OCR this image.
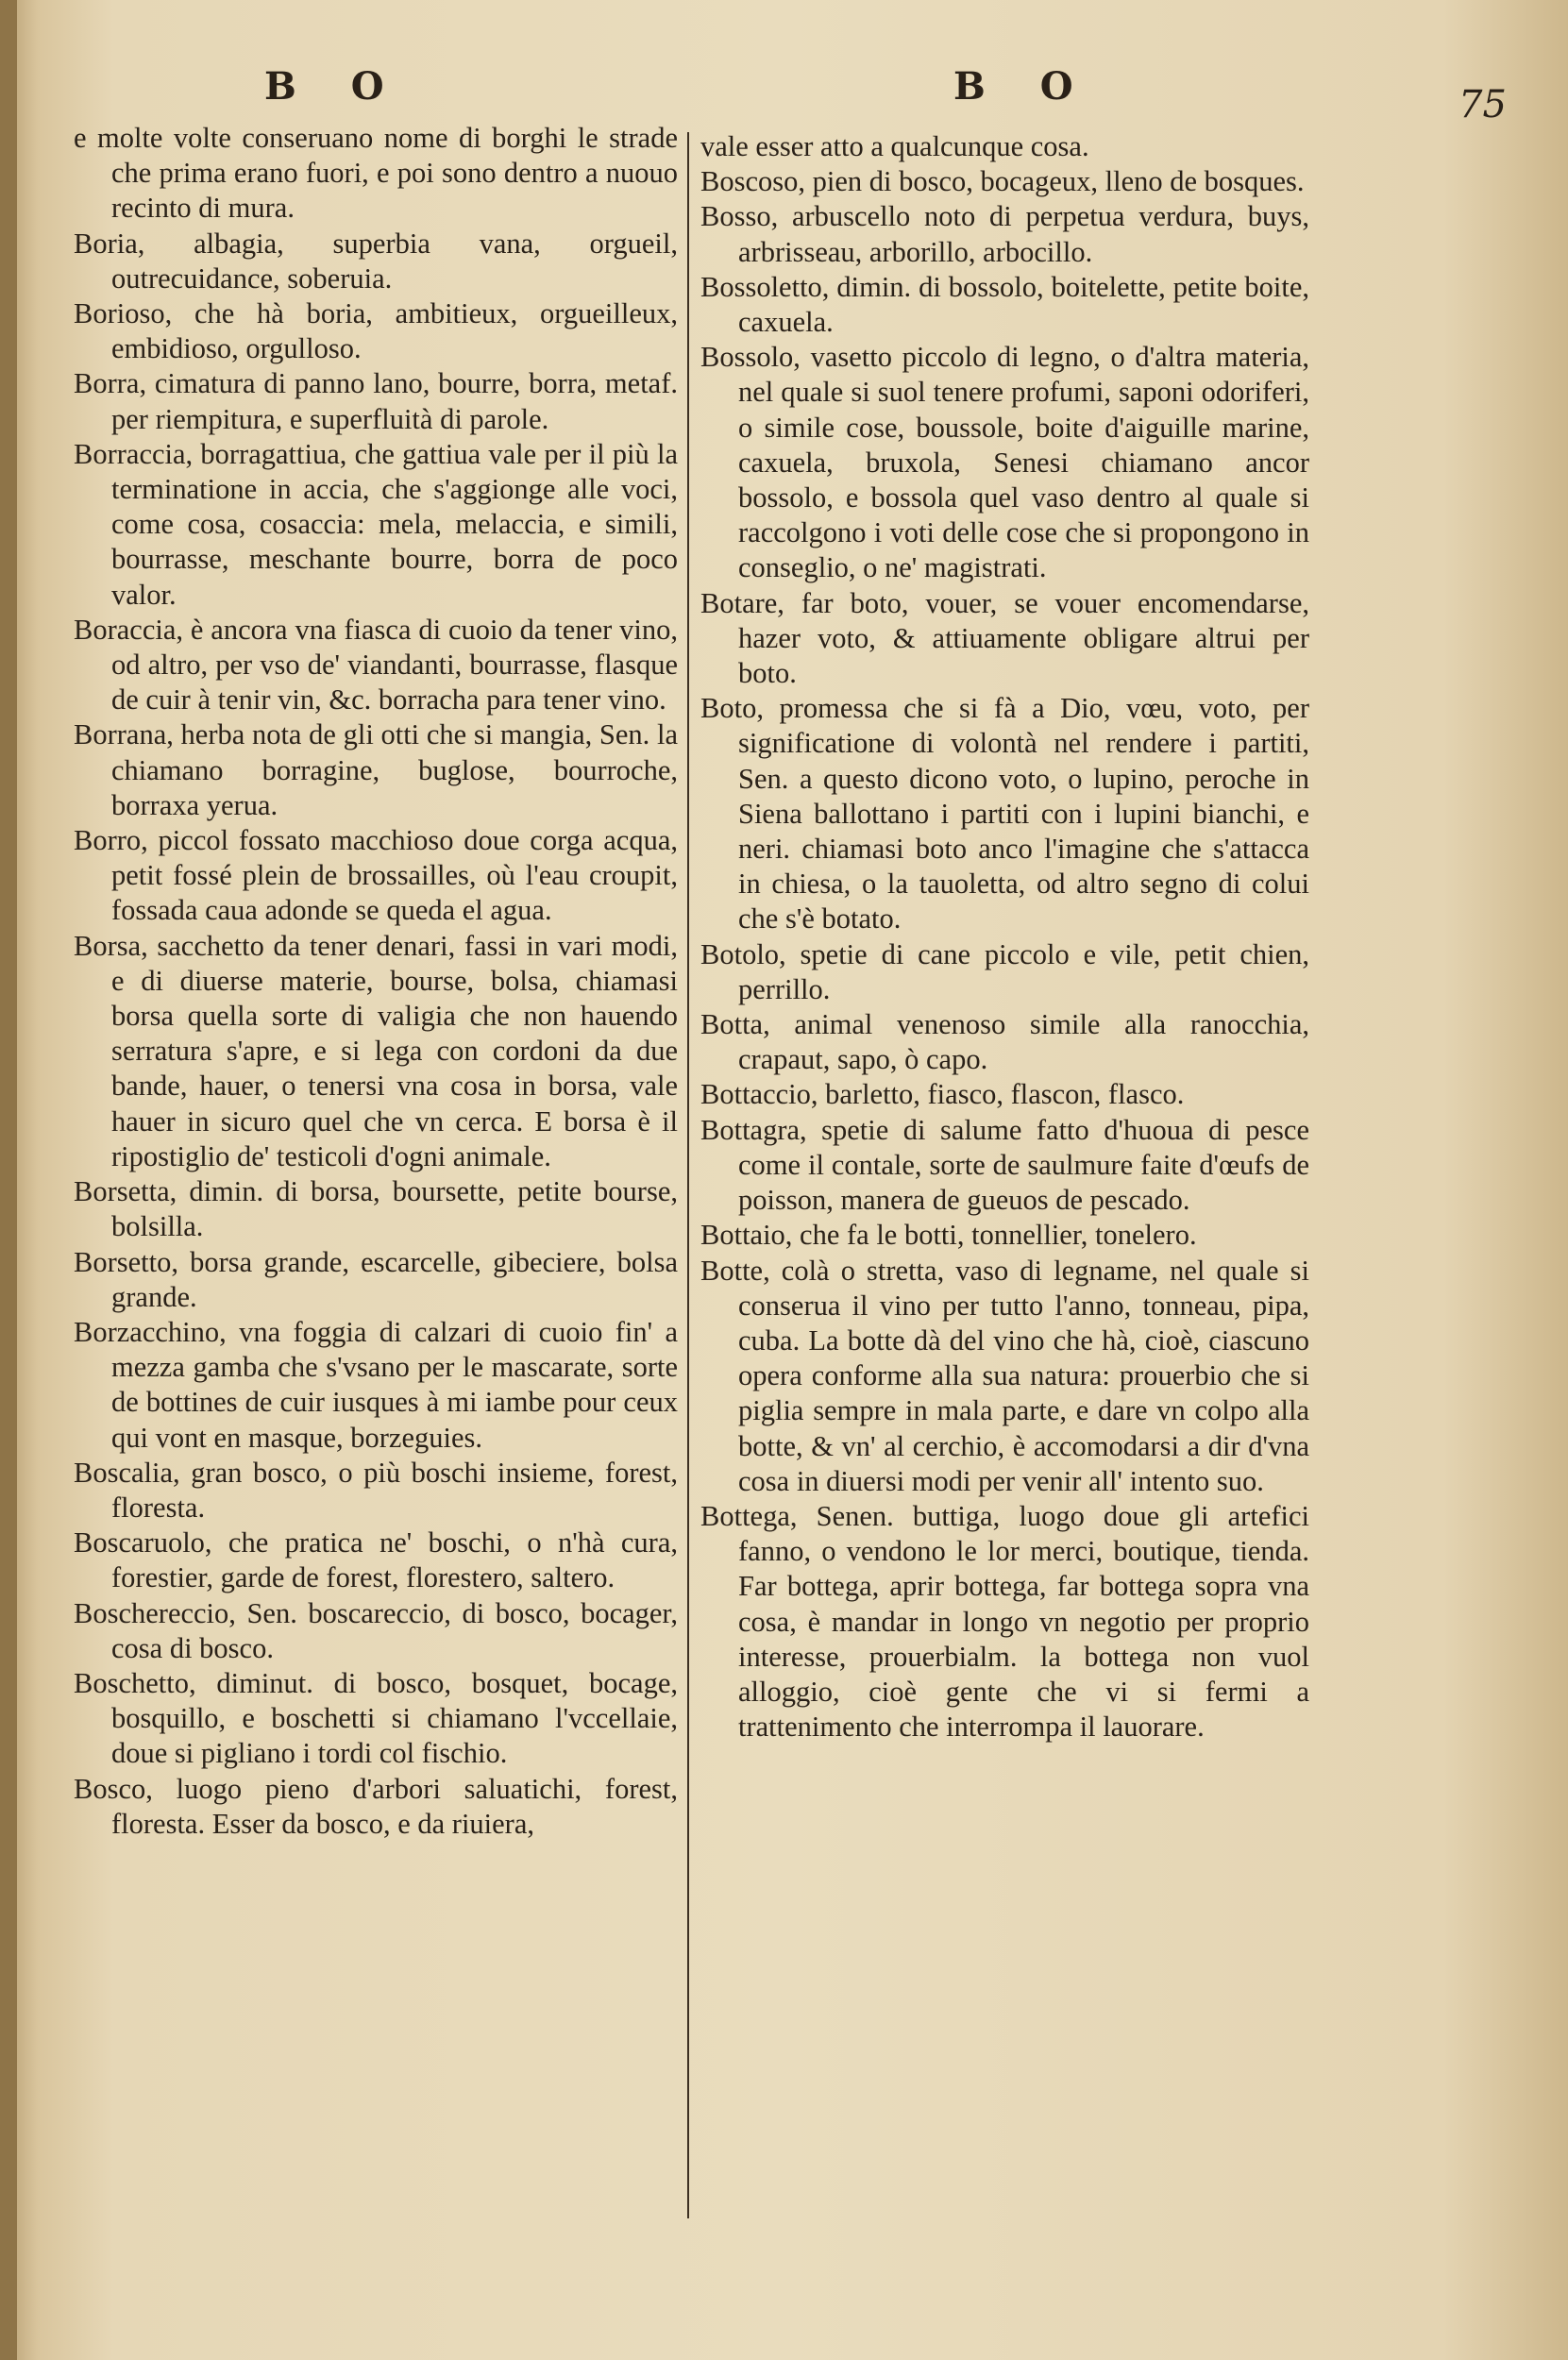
B O	B O	75

e molte volte conseruano nome di borghi le strade che prima erano fuori, e poi sono dentro a nuouo recinto di mura.

Boria, albagia, superbia vana, orgueil, outrecuidance, soberuia.

Borioso, che hà boria, ambitieux, orgueilleux, embidioso, orgulloso.

Borra, cimatura di panno lano, bourre, borra, metaf. per riempitura, e superfluità di parole.

Borraccia, borragattiua, che gattiua vale per il più la terminatione in accia, che s'aggionge alle voci, come cosa, cosaccia: mela, melaccia, e simili, bourrasse, meschante bourre, borra de poco valor.

Boraccia, è ancora vna fiasca di cuoio da tener vino, od altro, per vso de' viandanti, bourrasse, flasque de cuir à tenir vin, &c. borracha para tener vino.

Borrana, herba nota de gli otti che si mangia, Sen. la chiamano borragine, buglose, bourroche, borraxa yerua.

Borro, piccol fossato macchioso doue corga acqua, petit fossé plein de brossailles, où l'eau croupit, fossada caua adonde se queda el agua.

Borsa, sacchetto da tener denari, fassi in vari modi, e di diuerse materie, bourse, bolsa, chiamasi borsa quella sorte di valigia che non hauendo serratura s'apre, e si lega con cordoni da due bande, hauer, o tenersi vna cosa in borsa, vale hauer in sicuro quel che vn cerca. E borsa è il ripostiglio de' testicoli d'ogni animale.

Borsetta, dimin. di borsa, boursette, petite bourse, bolsilla.

Borsetto, borsa grande, escarcelle, gibeciere, bolsa grande.

Borzacchino, vna foggia di calzari di cuoio fin' a mezza gamba che s'vsano per le mascarate, sorte de bottines de cuir iusques à mi iambe pour ceux qui vont en masque, borzeguies.

Boscalia, gran bosco, o più boschi insieme, forest, floresta.

Boscaruolo, che pratica ne' boschi, o n'hà cura, forestier, garde de forest, florestero, saltero.

Boschereccio, Sen. boscareccio, di bosco, bocager, cosa di bosco.

Boschetto, diminut. di bosco, bosquet, bocage, bosquillo, e boschetti si chiamano l'vccellaie, doue si pigliano i tordi col fischio.

Bosco, luogo pieno d'arbori saluatichi, forest, floresta. Esser da bosco, e da riuiera,

vale esser atto a qualcunque cosa.

Boscoso, pien di bosco, bocageux, lleno de bosques.

Bosso, arbuscello noto di perpetua verdura, buys, arbrisseau, arborillo, arbocillo.

Bossoletto, dimin. di bossolo, boitelette, petite boite, caxuela.

Bossolo, vasetto piccolo di legno, o d'altra materia, nel quale si suol tenere profumi, saponi odoriferi, o simile cose, boussole, boite d'aiguille marine, caxuela, bruxola, Senesi chiamano ancor bossolo, e bossola quel vaso dentro al quale si raccolgono i voti delle cose che si propongono in conseglio, o ne' magistrati.

Botare, far boto, vouer, se vouer encomendarse, hazer voto, & attiuamente obligare altrui per boto.

Boto, promessa che si fà a Dio, vœu, voto, per significatione di volontà nel rendere i partiti, Sen. a questo dicono voto, o lupino, peroche in Siena ballottano i partiti con i lupini bianchi, e neri. chiamasi boto anco l'imagine che s'attacca in chiesa, o la tauoletta, od altro segno di colui che s'è botato.

Botolo, spetie di cane piccolo e vile, petit chien, perrillo.

Botta, animal venenoso simile alla ranocchia, crapaut, sapo, ò capo.

Bottaccio, barletto, fiasco, flascon, flasco.

Bottagra, spetie di salume fatto d'huoua di pesce come il contale, sorte de saulmure faite d'œufs de poisson, manera de gueuos de pescado.

Bottaio, che fa le botti, tonnellier, tonelero.

Botte, colà o stretta, vaso di legname, nel quale si conserua il vino per tutto l'anno, tonneau, pipa, cuba. La botte dà del vino che hà, cioè, ciascuno opera conforme alla sua natura: prouerbio che si piglia sempre in mala parte, e dare vn colpo alla botte, & vn' al cerchio, è accomodarsi a dir d'vna cosa in diuersi modi per venir all' intento suo.

Bottega, Senen. buttiga, luogo doue gli artefici fanno, o vendono le lor merci, boutique, tienda. Far bottega, aprir bottega, far bottega sopra vna cosa, è mandar in longo vn negotio per proprio interesse, prouerbialm. la bottega non vuol alloggio, cioè gente che vi si fermi a trattenimento che interrompa il lauorare.
